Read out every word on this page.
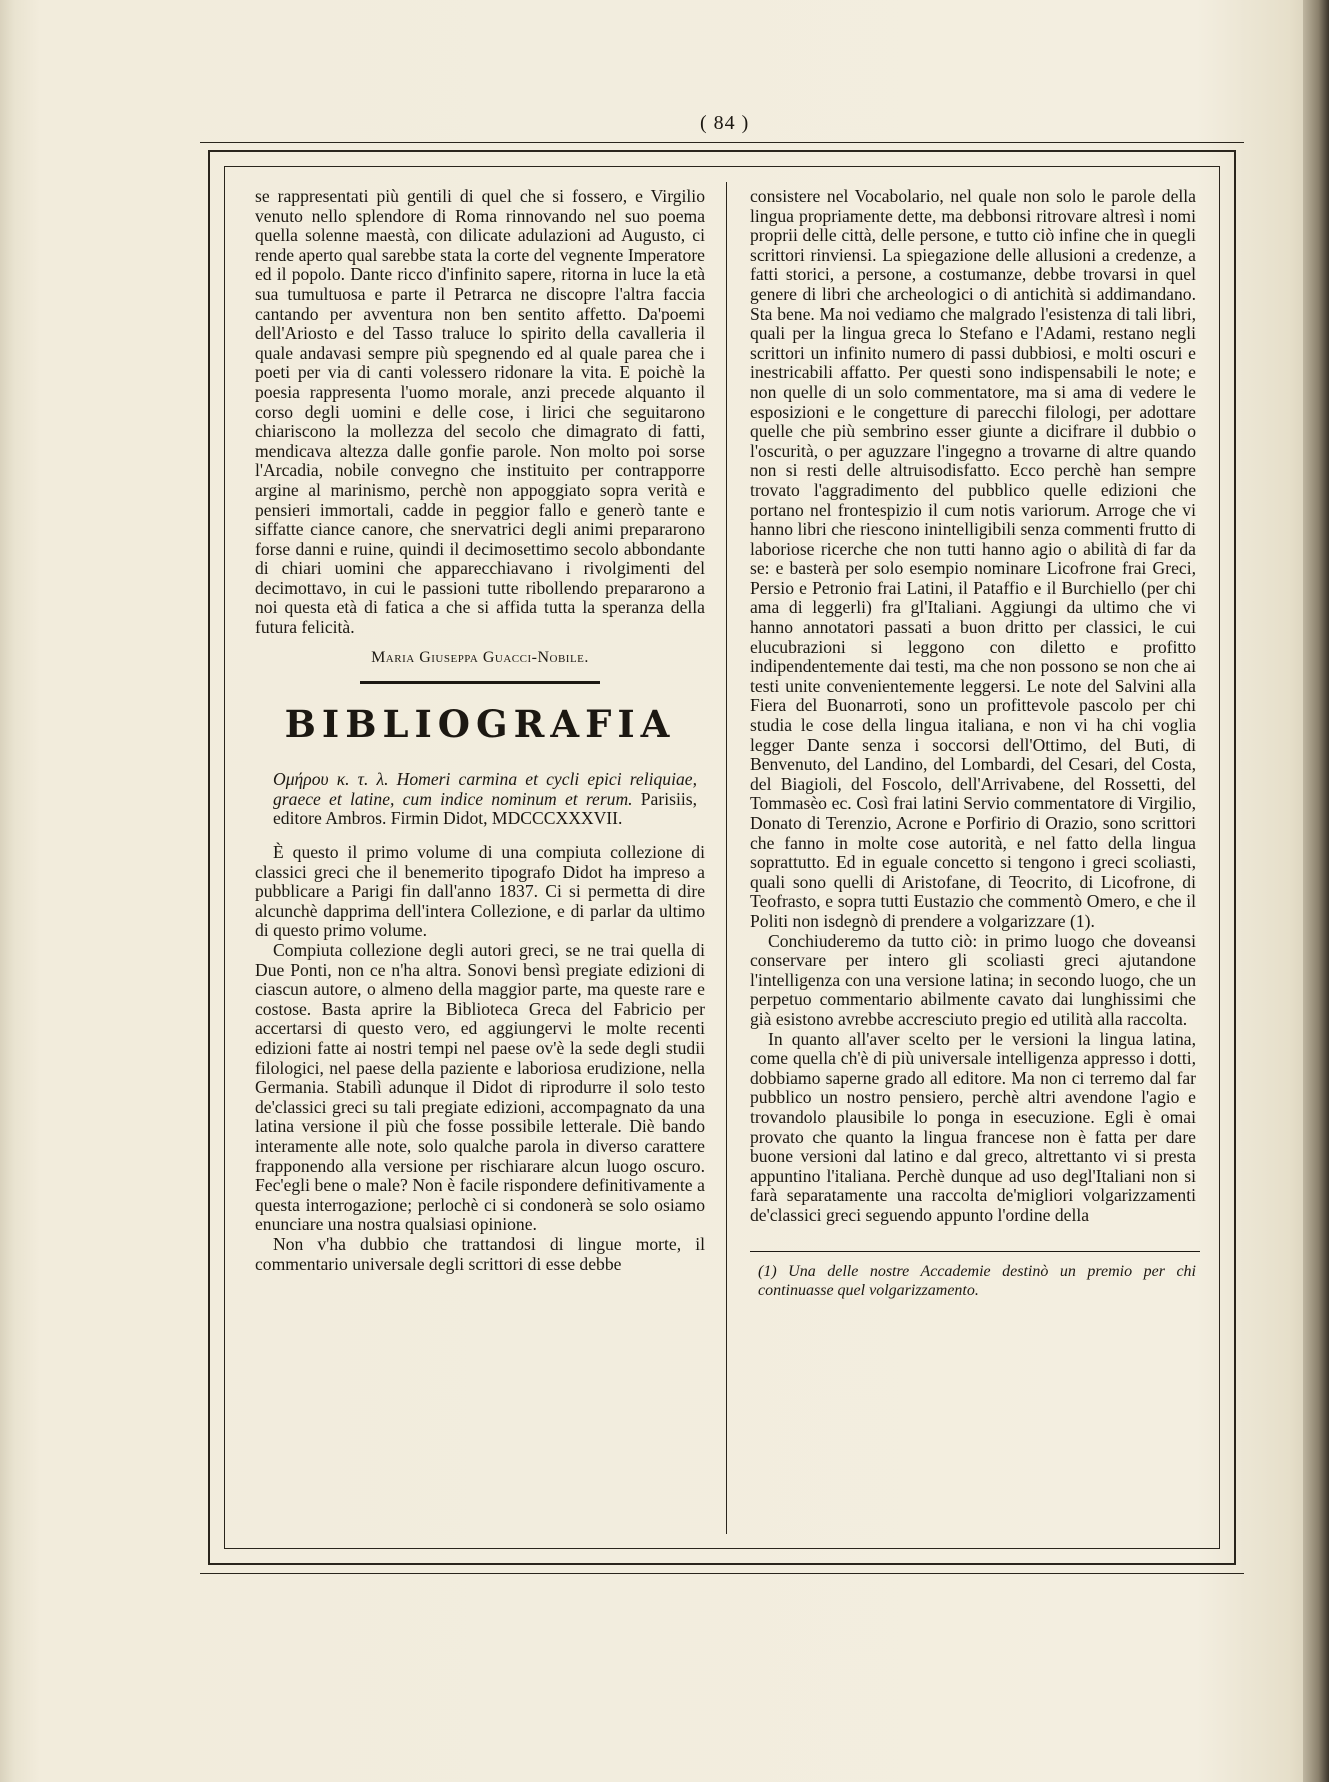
( 84 )

se rappresentati più gentili di quel che si fossero, e Virgilio venuto nello splendore di Roma rinnovando nel suo poema quella solenne maestà, con dilicate adulazioni ad Augusto, ci rende aperto qual sarebbe stata la corte del vegnente Imperatore ed il popolo. Dante ricco d'infinito sapere, ritorna in luce la età sua tumultuosa e parte il Petrarca ne discopre l'altra faccia cantando per avventura non ben sentito affetto. Da'poemi dell'Ariosto e del Tasso traluce lo spirito della cavalleria il quale andavasi sempre più spegnendo ed al quale parea che i poeti per via di canti volessero ridonare la vita. E poichè la poesia rappresenta l'uomo morale, anzi precede alquanto il corso degli uomini e delle cose, i lirici che seguitarono chiariscono la mollezza del secolo che dimagrato di fatti, mendicava altezza dalle gonfie parole. Non molto poi sorse l'Arcadia, nobile convegno che instituito per contrapporre argine al marinismo, perchè non appoggiato sopra verità e pensieri immortali, cadde in peggior fallo e generò tante e siffatte ciance canore, che snervatrici degli animi prepararono forse danni e ruine, quindi il decimosettimo secolo abbondante di chiari uomini che apparecchiavano i rivolgimenti del decimottavo, in cui le passioni tutte ribollendo prepararono a noi questa età di fatica a che si affida tutta la speranza della futura felicità.

Maria Giuseppa Guacci-Nobile.

BIBLIOGRAFIA

Ομήρου κ. τ. λ. Homeri carmina et cycli epici reliquiae, graece et latine, cum indice nominum et rerum. Parisiis, editore Ambros. Firmin Didot, MDCCCXXXVII.

È questo il primo volume di una compiuta collezione di classici greci che il benemerito tipografo Didot ha impreso a pubblicare a Parigi fin dall'anno 1837. Ci si permetta di dire alcunchè dapprima dell'intera Collezione, e di parlar da ultimo di questo primo volume.

Compiuta collezione degli autori greci, se ne trai quella di Due Ponti, non ce n'ha altra. Sonovi bensì pregiate edizioni di ciascun autore, o almeno della maggior parte, ma queste rare e costose. Basta aprire la Biblioteca Greca del Fabricio per accertarsi di questo vero, ed aggiungervi le molte recenti edizioni fatte ai nostri tempi nel paese ov'è la sede degli studii filologici, nel paese della paziente e laboriosa erudizione, nella Germania. Stabilì adunque il Didot di riprodurre il solo testo de'classici greci su tali pregiate edizioni, accompagnato da una latina versione il più che fosse possibile letterale. Diè bando interamente alle note, solo qualche parola in diverso carattere frapponendo alla versione per rischiarare alcun luogo oscuro. Fec'egli bene o male? Non è facile rispondere definitivamente a questa interrogazione; perlochè ci si condonerà se solo osiamo enunciare una nostra qualsiasi opinione.

Non v'ha dubbio che trattandosi di lingue morte, il commentario universale degli scrittori di esse debbe

consistere nel Vocabolario, nel quale non solo le parole della lingua propriamente dette, ma debbonsi ritrovare altresì i nomi proprii delle città, delle persone, e tutto ciò infine che in quegli scrittori rinviensi. La spiegazione delle allusioni a credenze, a fatti storici, a persone, a costumanze, debbe trovarsi in quel genere di libri che archeologici o di antichità si addimandano. Sta bene. Ma noi vediamo che malgrado l'esistenza di tali libri, quali per la lingua greca lo Stefano e l'Adami, restano negli scrittori un infinito numero di passi dubbiosi, e molti oscuri e inestricabili affatto. Per questi sono indispensabili le note; e non quelle di un solo commentatore, ma si ama di vedere le esposizioni e le congetture di parecchi filologi, per adottare quelle che più sembrino esser giunte a dicifrare il dubbio o l'oscurità, o per aguzzare l'ingegno a trovarne di altre quando non si resti delle altruisodisfatto. Ecco perchè han sempre trovato l'aggradimento del pubblico quelle edizioni che portano nel frontespizio il cum notis variorum. Arroge che vi hanno libri che riescono inintelligibili senza commenti frutto di laboriose ricerche che non tutti hanno agio o abilità di far da se: e basterà per solo esempio nominare Licofrone frai Greci, Persio e Petronio frai Latini, il Pataffio e il Burchiello (per chi ama di leggerli) fra gl'Italiani. Aggiungi da ultimo che vi hanno annotatori passati a buon dritto per classici, le cui elucubrazioni si leggono con diletto e profitto indipendentemente dai testi, ma che non possono se non che ai testi unite convenientemente leggersi. Le note del Salvini alla Fiera del Buonarroti, sono un profittevole pascolo per chi studia le cose della lingua italiana, e non vi ha chi voglia legger Dante senza i soccorsi dell'Ottimo, del Buti, di Benvenuto, del Landino, del Lombardi, del Cesari, del Costa, del Biagioli, del Foscolo, dell'Arrivabene, del Rossetti, del Tommasèo ec. Così frai latini Servio commentatore di Virgilio, Donato di Terenzio, Acrone e Porfirio di Orazio, sono scrittori che fanno in molte cose autorità, e nel fatto della lingua soprattutto. Ed in eguale concetto si tengono i greci scoliasti, quali sono quelli di Aristofane, di Teocrito, di Licofrone, di Teofrasto, e sopra tutti Eustazio che commentò Omero, e che il Politi non isdegnò di prendere a volgarizzare (1).

Conchiuderemo da tutto ciò: in primo luogo che doveansi conservare per intero gli scoliasti greci ajutandone l'intelligenza con una versione latina; in secondo luogo, che un perpetuo commentario abilmente cavato dai lunghissimi che già esistono avrebbe accresciuto pregio ed utilità alla raccolta.

In quanto all'aver scelto per le versioni la lingua latina, come quella ch'è di più universale intelligenza appresso i dotti, dobbiamo saperne grado all editore. Ma non ci terremo dal far pubblico un nostro pensiero, perchè altri avendone l'agio e trovandolo plausibile lo ponga in esecuzione. Egli è omai provato che quanto la lingua francese non è fatta per dare buone versioni dal latino e dal greco, altrettanto vi si presta appuntino l'italiana. Perchè dunque ad uso degl'Italiani non si farà separatamente una raccolta de'migliori volgarizzamenti de'classici greci seguendo appunto l'ordine della

(1) Una delle nostre Accademie destinò un premio per chi continuasse quel volgarizzamento.
